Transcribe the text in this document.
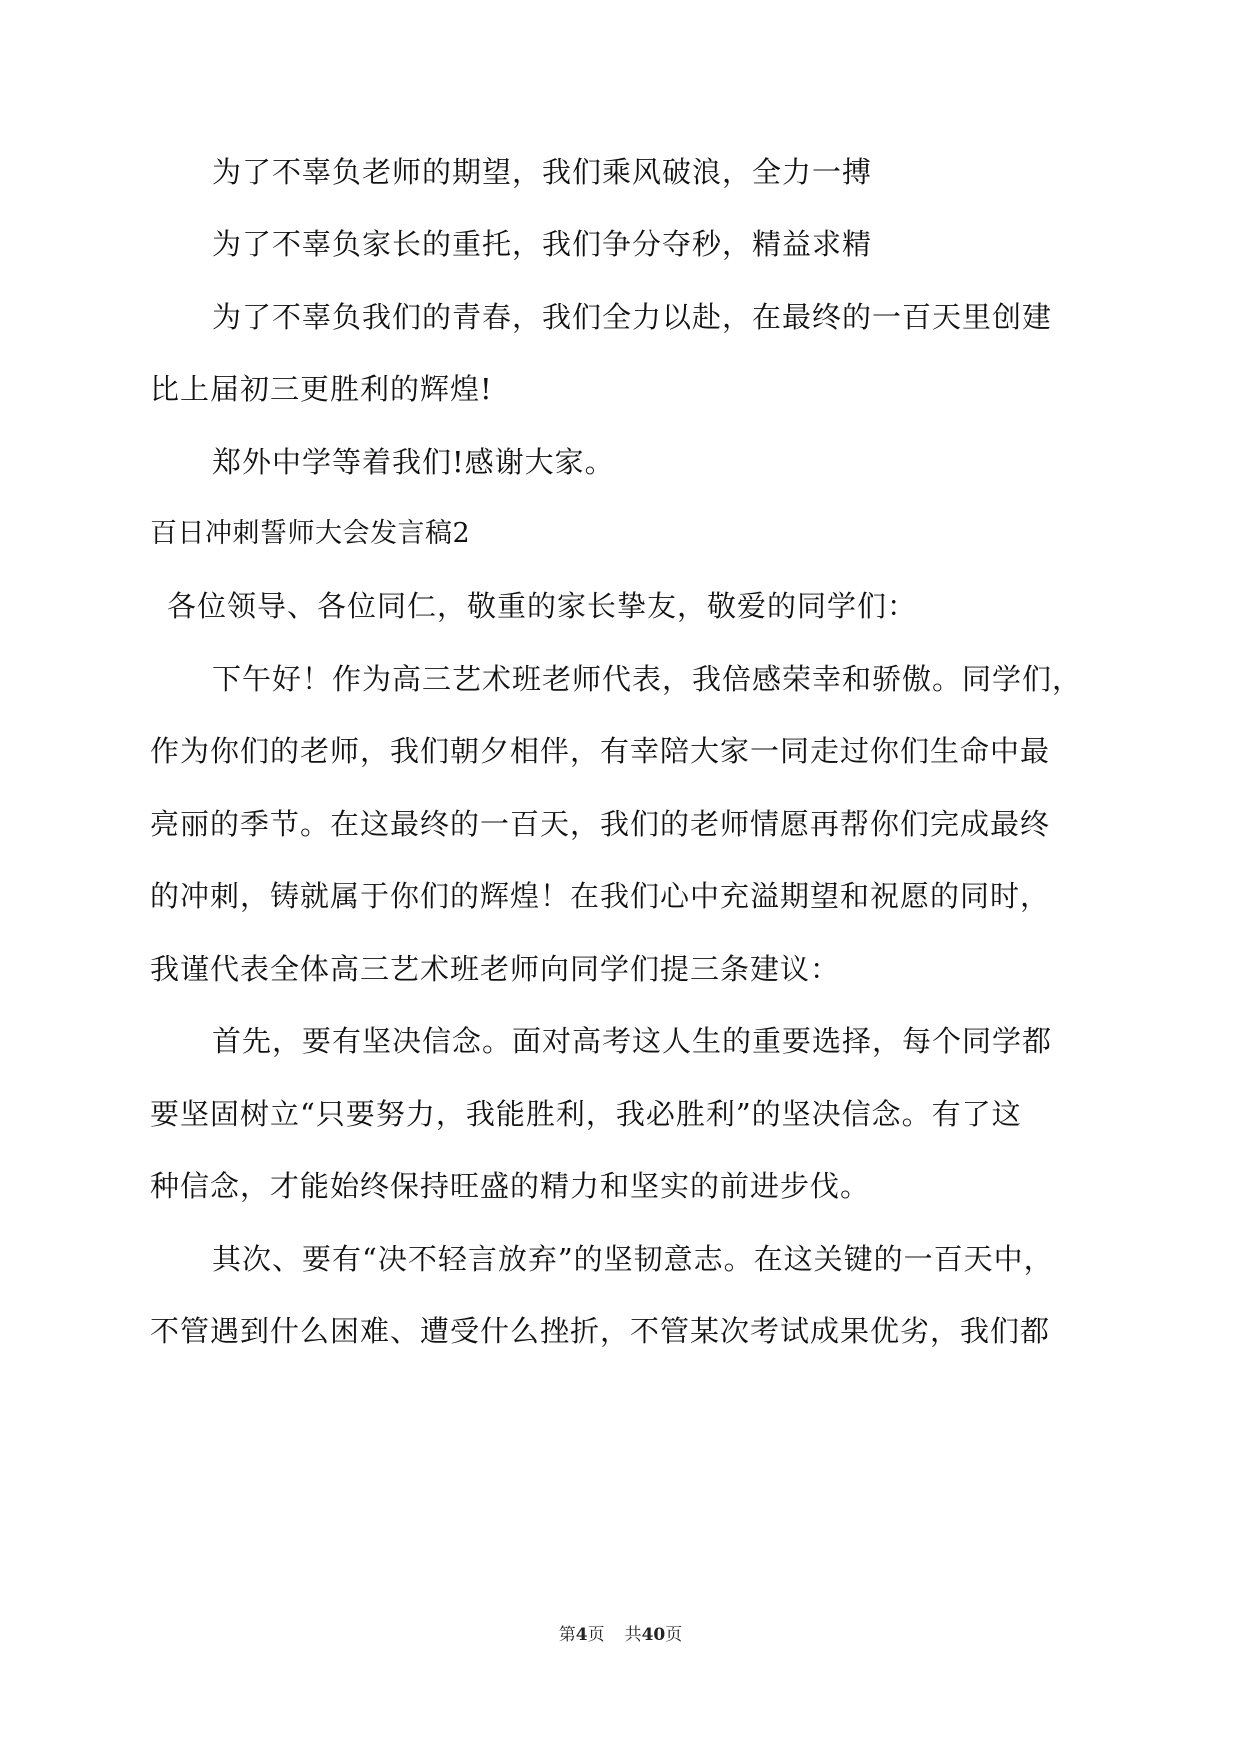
为了不辜负老师的期望，我们乘风破浪，全力一搏
为了不辜负家长的重托，我们争分夺秒，精益求精
为了不辜负我们的青春，我们全力以赴，在最终的一百天里创建
比上届初三更胜利的辉煌!
郑外中学等着我们!感谢大家。
百日冲刺誓师大会发言稿2
各位领导、各位同仁，敬重的家长挚友，敬爱的同学们：
下午好！作为高三艺术班老师代表，我倍感荣幸和骄傲。同学们，
作为你们的老师，我们朝夕相伴，有幸陪大家一同走过你们生命中最
亮丽的季节。在这最终的一百天，我们的老师情愿再帮你们完成最终
的冲刺，铸就属于你们的辉煌！在我们心中充溢期望和祝愿的同时，
我谨代表全体高三艺术班老师向同学们提三条建议：
首先，要有坚决信念。面对高考这人生的重要选择，每个同学都
要坚固树立“只要努力，我能胜利，我必胜利”的坚决信念。有了这
种信念，才能始终保持旺盛的精力和坚实的前进步伐。
其次、要有“决不轻言放弃”的坚韧意志。在这关键的一百天中，
不管遇到什么困难、遭受什么挫折，不管某次考试成果优劣，我们都
第4页 共40页
